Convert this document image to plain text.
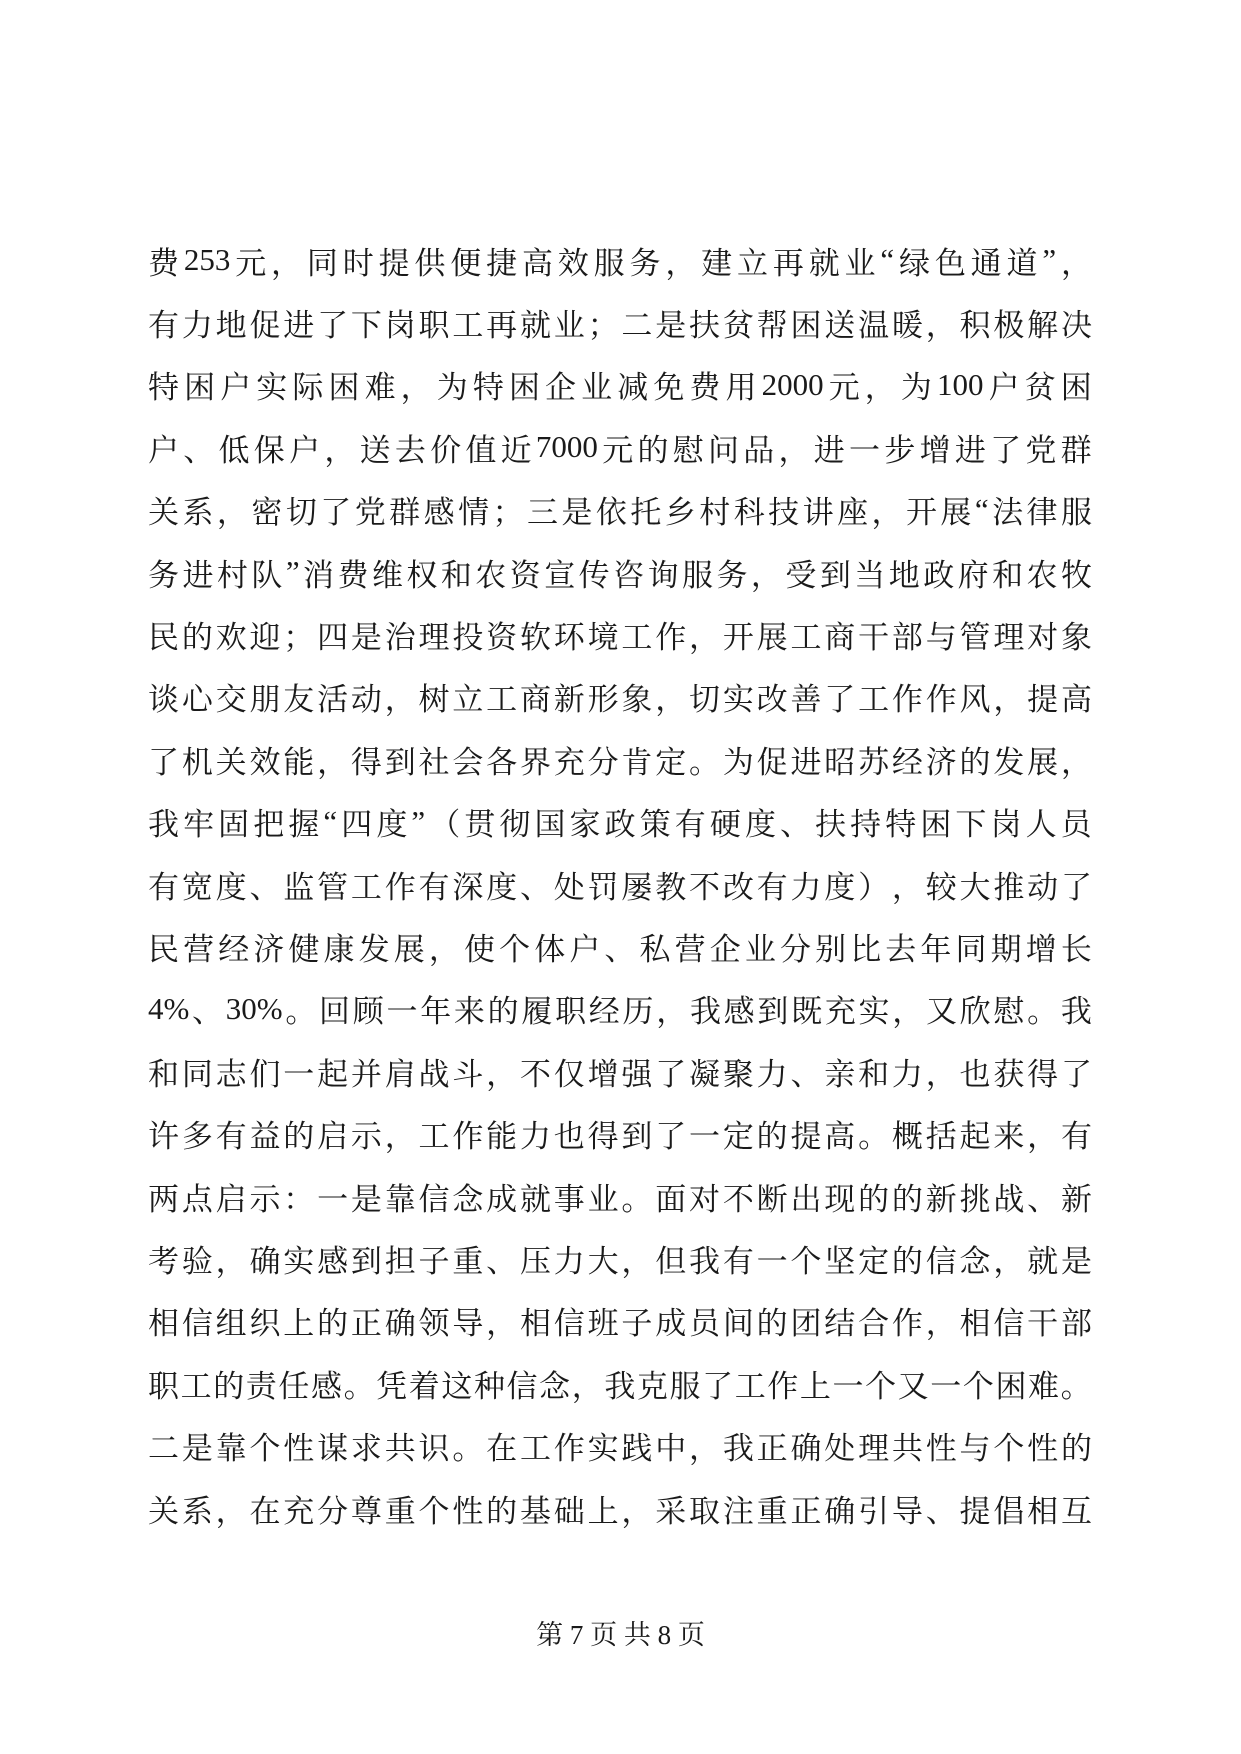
费 253 元 ， 同 时 提 供 便 捷 高 效 服 务 ， 建 立 再 就 业 “ 绿 色 通 道 ” ，
有 力 地 促 进 了 下 岗 职 工 再 就 业 ； 二 是 扶 贫 帮 困 送 温 暖 ， 积 极 解 决
特 困 户 实 际 困 难 ， 为 特 困 企 业 减 免 费 用 2000 元 ， 为 100 户 贫 困
户 、 低 保 户 ， 送 去 价 值 近 7000 元 的 慰 问 品 ， 进 一 步 增 进 了 党 群
关 系 ， 密 切 了 党 群 感 情 ； 三 是 依 托 乡 村 科 技 讲 座 ， 开 展 “ 法 律 服
务 进 村 队 ” 消 费 维 权 和 农 资 宣 传 咨 询 服 务 ， 受 到 当 地 政 府 和 农 牧
民 的 欢 迎 ； 四 是 治 理 投 资 软 环 境 工 作 ， 开 展 工 商 干 部 与 管 理 对 象
谈 心 交 朋 友 活 动 ， 树 立 工 商 新 形 象 ， 切 实 改 善 了 工 作 作 风 ， 提 高
了 机 关 效 能 ， 得 到 社 会 各 界 充 分 肯 定 。 为 促 进 昭 苏 经 济 的 发 展 ，
我 牢 固 把 握 “ 四 度 ” （ 贯 彻 国 家 政 策 有 硬 度 、 扶 持 特 困 下 岗 人 员
有 宽 度 、 监 管 工 作 有 深 度 、 处 罚 屡 教 不 改 有 力 度 ） ， 较 大 推 动 了
民 营 经 济 健 康 发 展 ， 使 个 体 户 、 私 营 企 业 分 别 比 去 年 同 期 增 长
4% 、 30% 。 回 顾 一 年 来 的 履 职 经 历 ， 我 感 到 既 充 实 ， 又 欣 慰 。 我
和 同 志 们 一 起 并 肩 战 斗 ， 不 仅 增 强 了 凝 聚 力 、 亲 和 力 ， 也 获 得 了
许 多 有 益 的 启 示 ， 工 作 能 力 也 得 到 了 一 定 的 提 高 。 概 括 起 来 ， 有
两 点 启 示 ： 一 是 靠 信 念 成 就 事 业 。 面 对 不 断 出 现 的 的 新 挑 战 、 新
考 验 ， 确 实 感 到 担 子 重 、 压 力 大 ， 但 我 有 一 个 坚 定 的 信 念 ， 就 是
相 信 组 织 上 的 正 确 领 导 ， 相 信 班 子 成 员 间 的 团 结 合 作 ， 相 信 干 部
职 工 的 责 任 感 。 凭 着 这 种 信 念 ， 我 克 服 了 工 作 上 一 个 又 一 个 困 难 。
二 是 靠 个 性 谋 求 共 识 。 在 工 作 实 践 中 ， 我 正 确 处 理 共 性 与 个 性 的
关 系 ， 在 充 分 尊 重 个 性 的 基 础 上 ， 采 取 注 重 正 确 引 导 、 提 倡 相 互
第 7 页 共 8 页
